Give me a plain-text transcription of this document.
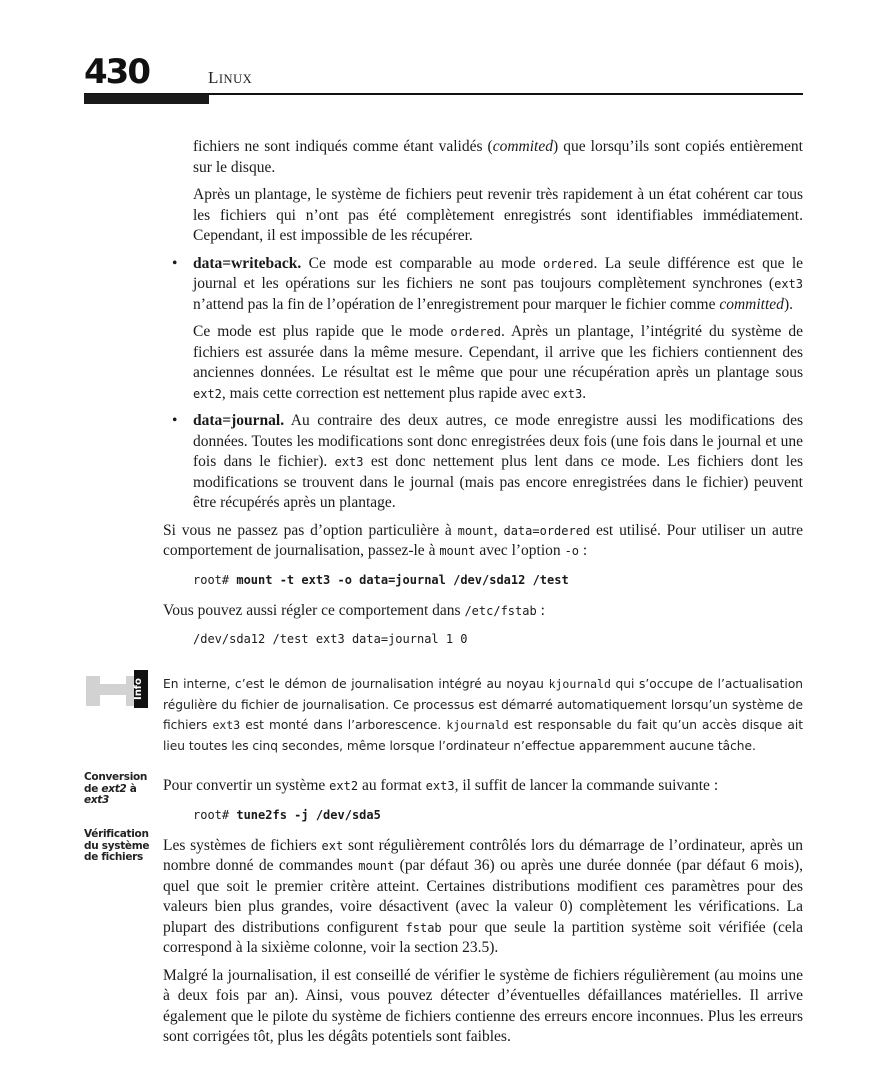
430	LINUX

fichiers ne sont indiqués comme étant validés (commited) que lorsqu’ils sont copiés entièrement sur le disque.

Après un plantage, le système de fichiers peut revenir très rapidement à un état cohérent car tous les fichiers qui n’ont pas été complètement enregistrés sont identifiables immédiatement. Cependant, il est impossible de les récupérer.

• data=writeback. Ce mode est comparable au mode ordered. La seule différence est que le journal et les opérations sur les fichiers ne sont pas toujours complètement synchrones (ext3 n’attend pas la fin de l’opération de l’enregistrement pour marquer le fichier comme committed).

Ce mode est plus rapide que le mode ordered. Après un plantage, l’intégrité du système de fichiers est assurée dans la même mesure. Cependant, il arrive que les fichiers contiennent des anciennes données. Le résultat est le même que pour une récupération après un plantage sous ext2, mais cette correction est nettement plus rapide avec ext3.

• data=journal. Au contraire des deux autres, ce mode enregistre aussi les modifications des données. Toutes les modifications sont donc enregistrées deux fois (une fois dans le journal et une fois dans le fichier). ext3 est donc nettement plus lent dans ce mode. Les fichiers dont les modifications se trouvent dans le journal (mais pas encore enregistrées dans le fichier) peuvent être récupérés après un plantage.

Si vous ne passez pas d’option particulière à mount, data=ordered est utilisé. Pour utiliser un autre comportement de journalisation, passez-le à mount avec l’option -o :

root# mount -t ext3 -o data=journal /dev/sda12 /test

Vous pouvez aussi régler ce comportement dans /etc/fstab :

/dev/sda12 /test ext3 data=journal 1 0
En interne, c’est le démon de journalisation intégré au noyau kjournald qui s’occupe de l’actualisation régulière du fichier de journalisation. Ce processus est démarré automatiquement lorsqu’un système de fichiers ext3 est monté dans l’arborescence. kjournald est responsable du fait qu’un accès disque ait lieu toutes les cinq secondes, même lorsque l’ordinateur n’effectue apparemment aucune tâche.

Pour convertir un système ext2 au format ext3, il suffit de lancer la commande suivante :

root# tune2fs -j /dev/sda5

Les systèmes de fichiers ext sont régulièrement contrôlés lors du démarrage de l’ordinateur, après un nombre donné de commandes mount (par défaut 36) ou après une durée donnée (par défaut 6 mois), quel que soit le premier critère atteint. Certaines distributions modifient ces paramètres pour des valeurs bien plus grandes, voire désactivent (avec la valeur 0) complètement les vérifications. La plupart des distributions configurent fstab pour que seule la partition système soit vérifiée (cela correspond à la sixième colonne, voir la section 23.5).

Malgré la journalisation, il est conseillé de vérifier le système de fichiers régulièrement (au moins une à deux fois par an). Ainsi, vous pouvez détecter d’éventuelles défaillances matérielles. Il arrive également que le pilote du système de fichiers contienne des erreurs encore inconnues. Plus les erreurs sont corrigées tôt, plus les dégâts potentiels sont faibles.

Info
Conversion de ext2 à ext3
Vérification du système de fichiers
